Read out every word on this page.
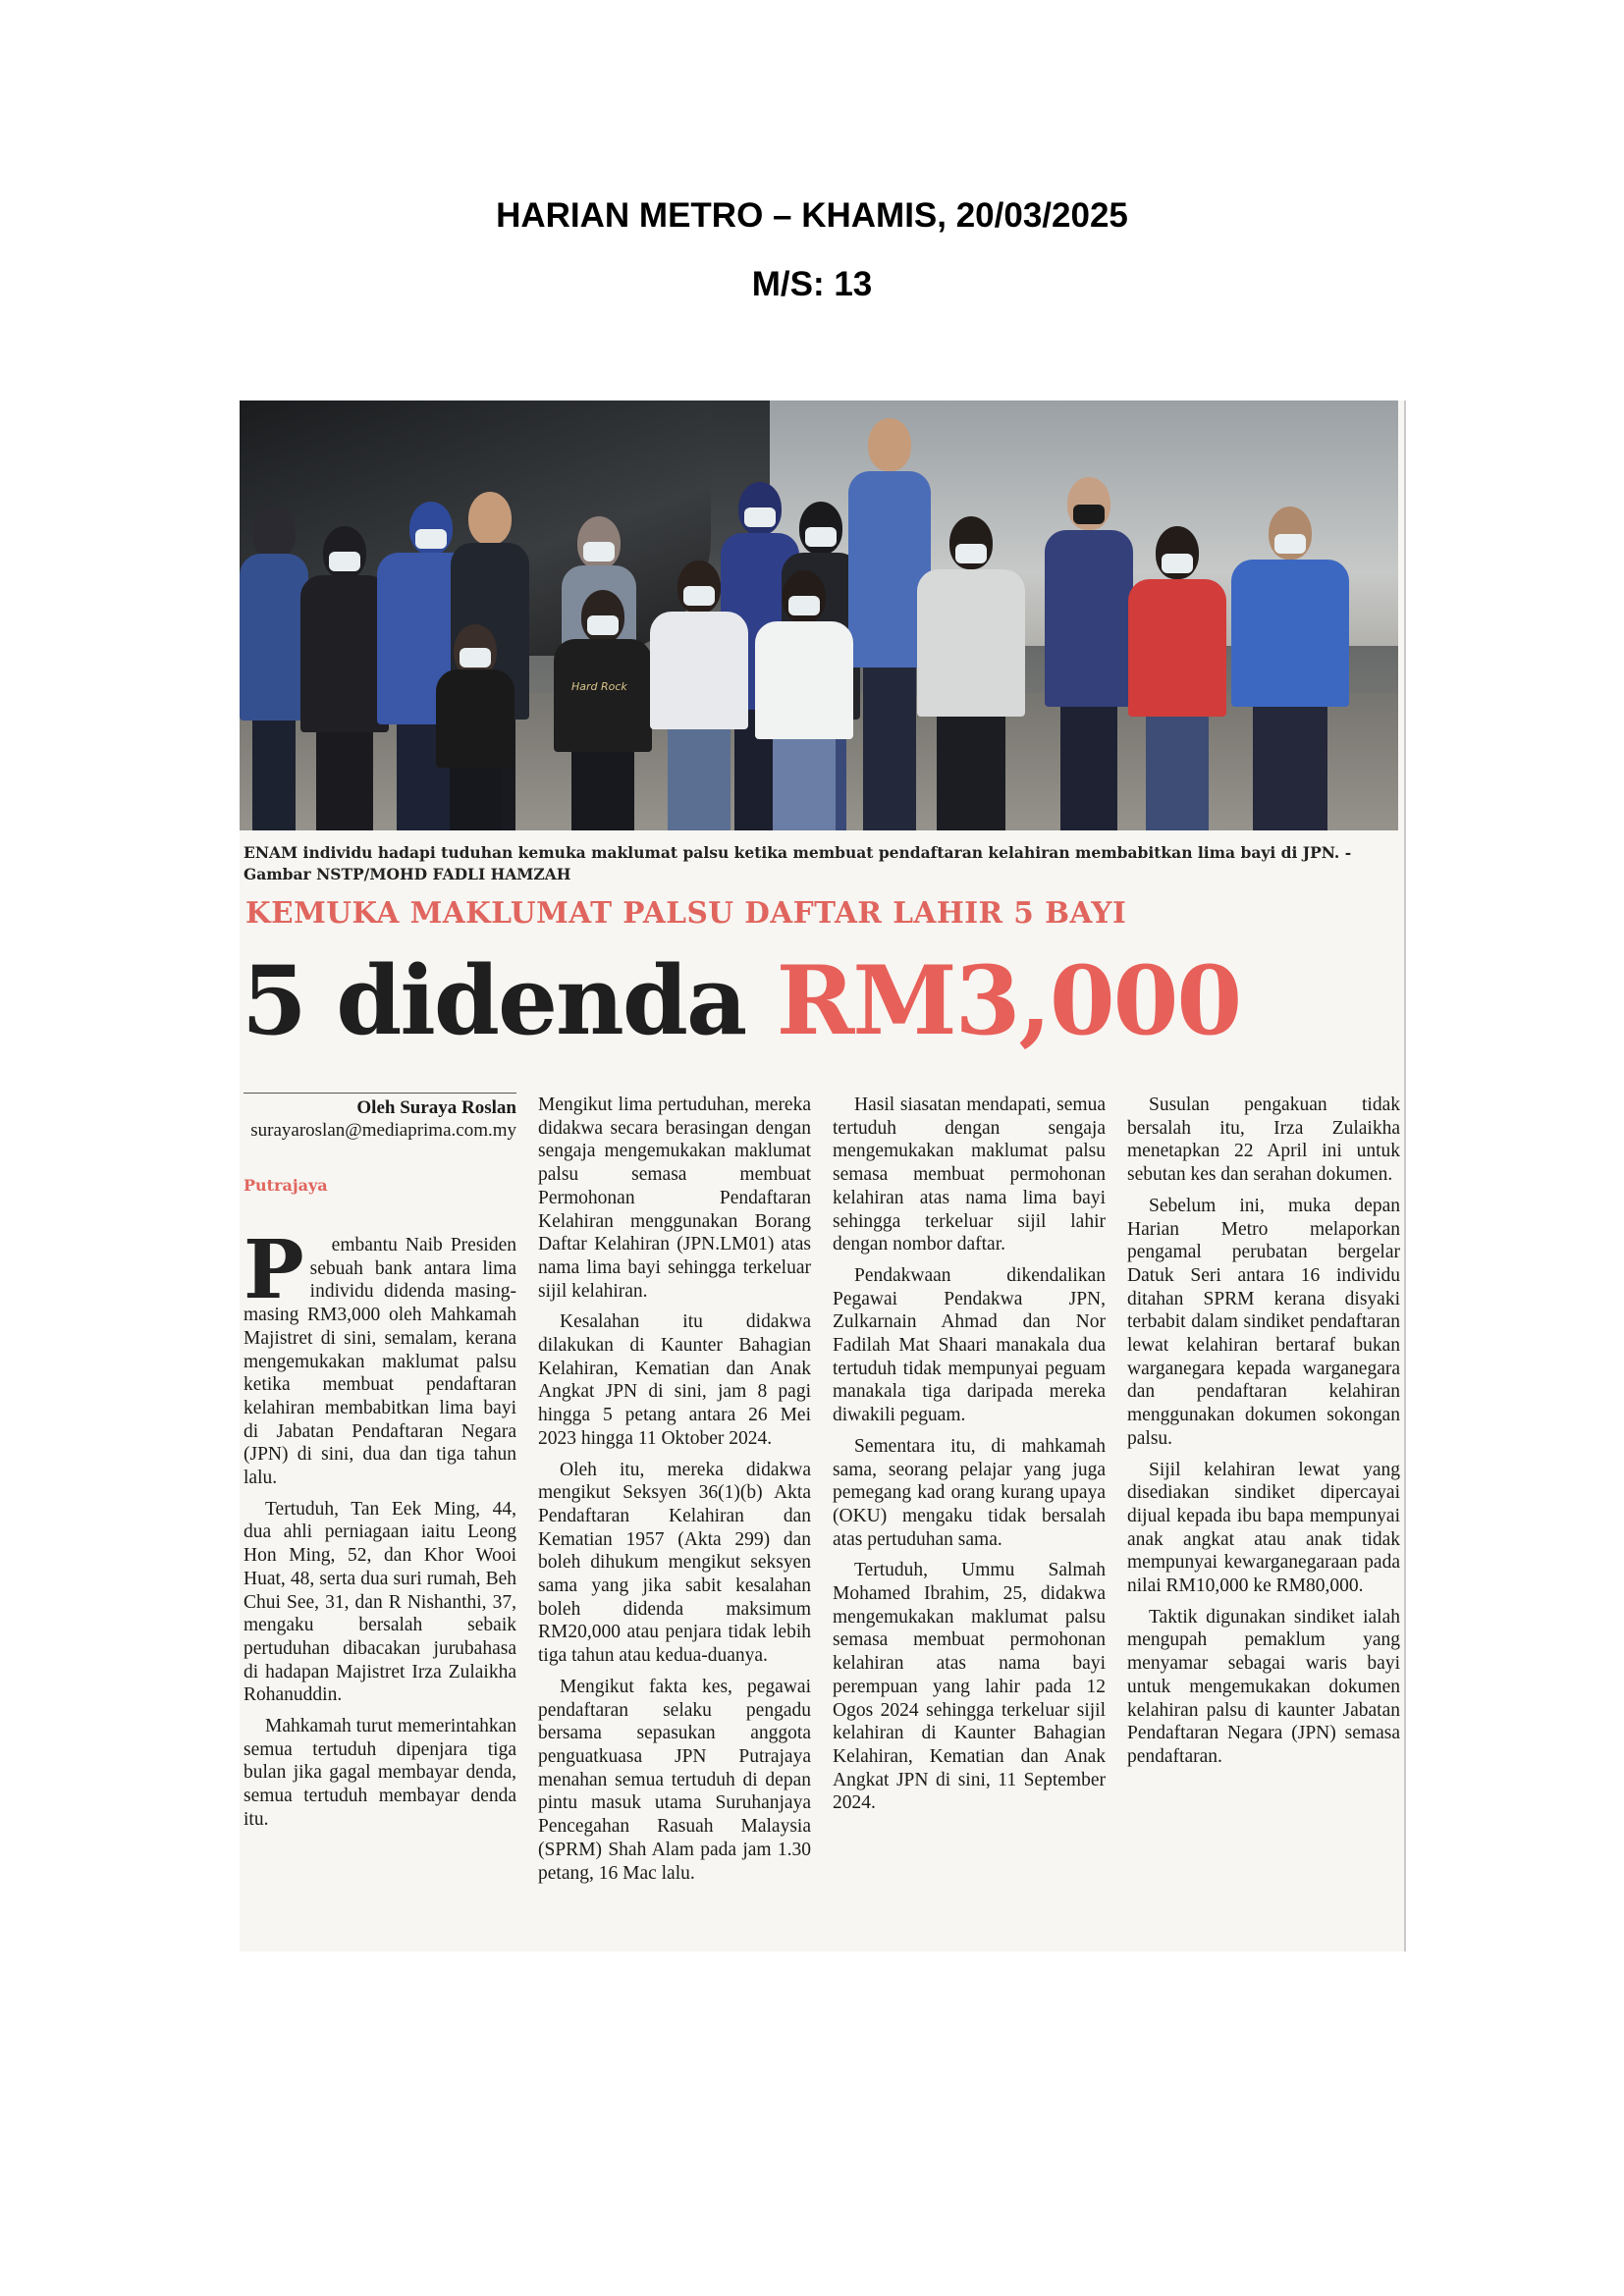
HARIAN METRO – KHAMIS, 20/03/2025
M/S: 13
Hard Rock
ENAM individu hadapi tuduhan kemuka maklumat palsu ketika membuat pendaftaran kelahiran membabitkan lima bayi di JPN. - Gambar NSTP/MOHD FADLI HAMZAH
KEMUKA MAKLUMAT PALSU DAFTAR LAHIR 5 BAYI
5 didenda RM3,000
Oleh Suraya Roslan
surayaroslan@mediaprima.com.my
Putrajaya

P embantu Naib Presiden sebuah bank antara lima individu didenda masing-masing RM3,000 oleh Mahkamah Majistret di sini, semalam, kerana mengemukakan maklumat palsu ketika membuat pendaftaran kelahiran membabitkan lima bayi di Jabatan Pendaftaran Negara (JPN) di sini, dua dan tiga tahun lalu.

Tertuduh, Tan Eek Ming, 44, dua ahli perniagaan iaitu Leong Hon Ming, 52, dan Khor Wooi Huat, 48, serta dua suri rumah, Beh Chui See, 31, dan R Nishanthi, 37, mengaku bersalah sebaik pertuduhan dibacakan jurubahasa di hadapan Majistret Irza Zulaikha Rohanuddin.

Mahkamah turut memerintahkan semua tertuduh dipenjara tiga bulan jika gagal membayar denda, semua tertuduh membayar denda itu.

Mengikut lima pertuduhan, mereka didakwa secara berasingan dengan sengaja mengemukakan maklumat palsu semasa membuat Permohonan Pendaftaran Kelahiran menggunakan Borang Daftar Kelahiran (JPN.LM01) atas nama lima bayi sehingga terkeluar sijil kelahiran.

Kesalahan itu didakwa dilakukan di Kaunter Bahagian Kelahiran, Kematian dan Anak Angkat JPN di sini, jam 8 pagi hingga 5 petang antara 26 Mei 2023 hingga 11 Oktober 2024.

Oleh itu, mereka didakwa mengikut Seksyen 36(1)(b) Akta Pendaftaran Kelahiran dan Kematian 1957 (Akta 299) dan boleh dihukum mengikut seksyen sama yang jika sabit kesalahan boleh didenda maksimum RM20,000 atau penjara tidak lebih tiga tahun atau kedua-duanya.

Mengikut fakta kes, pegawai pendaftaran selaku pengadu bersama sepasukan anggota penguatkuasa JPN Putrajaya menahan semua tertuduh di depan pintu masuk utama Suruhanjaya Pencegahan Rasuah Malaysia (SPRM) Shah Alam pada jam 1.30 petang, 16 Mac lalu.

Hasil siasatan mendapati, semua tertuduh dengan sengaja mengemukakan maklumat palsu semasa membuat permohonan kelahiran atas nama lima bayi sehingga terkeluar sijil lahir dengan nombor daftar.

Pendakwaan dikendalikan Pegawai Pendakwa JPN, Zulkarnain Ahmad dan Nor Fadilah Mat Shaari manakala dua tertuduh tidak mempunyai peguam manakala tiga daripada mereka diwakili peguam.

Sementara itu, di mahkamah sama, seorang pelajar yang juga pemegang kad orang kurang upaya (OKU) mengaku tidak bersalah atas pertuduhan sama.

Tertuduh, Ummu Salmah Mohamed Ibrahim, 25, didakwa mengemukakan maklumat palsu semasa membuat permohonan kelahiran atas nama bayi perempuan yang lahir pada 12 Ogos 2024 sehingga terkeluar sijil kelahiran di Kaunter Bahagian Kelahiran, Kematian dan Anak Angkat JPN di sini, 11 September 2024.

Susulan pengakuan tidak bersalah itu, Irza Zulaikha menetapkan 22 April ini untuk sebutan kes dan serahan dokumen.

Sebelum ini, muka depan Harian Metro melaporkan pengamal perubatan bergelar Datuk Seri antara 16 individu ditahan SPRM kerana disyaki terbabit dalam sindiket pendaftaran lewat kelahiran bertaraf bukan warganegara kepada warganegara dan pendaftaran kelahiran menggunakan dokumen sokongan palsu.

Sijil kelahiran lewat yang disediakan sindiket dipercayai dijual kepada ibu bapa mempunyai anak angkat atau anak tidak mempunyai kewarganegaraan pada nilai RM10,000 ke RM80,000.

Taktik digunakan sindiket ialah mengupah pemaklum yang menyamar sebagai waris bayi untuk mengemukakan dokumen kelahiran palsu di kaunter Jabatan Pendaftaran Negara (JPN) semasa pendaftaran.
